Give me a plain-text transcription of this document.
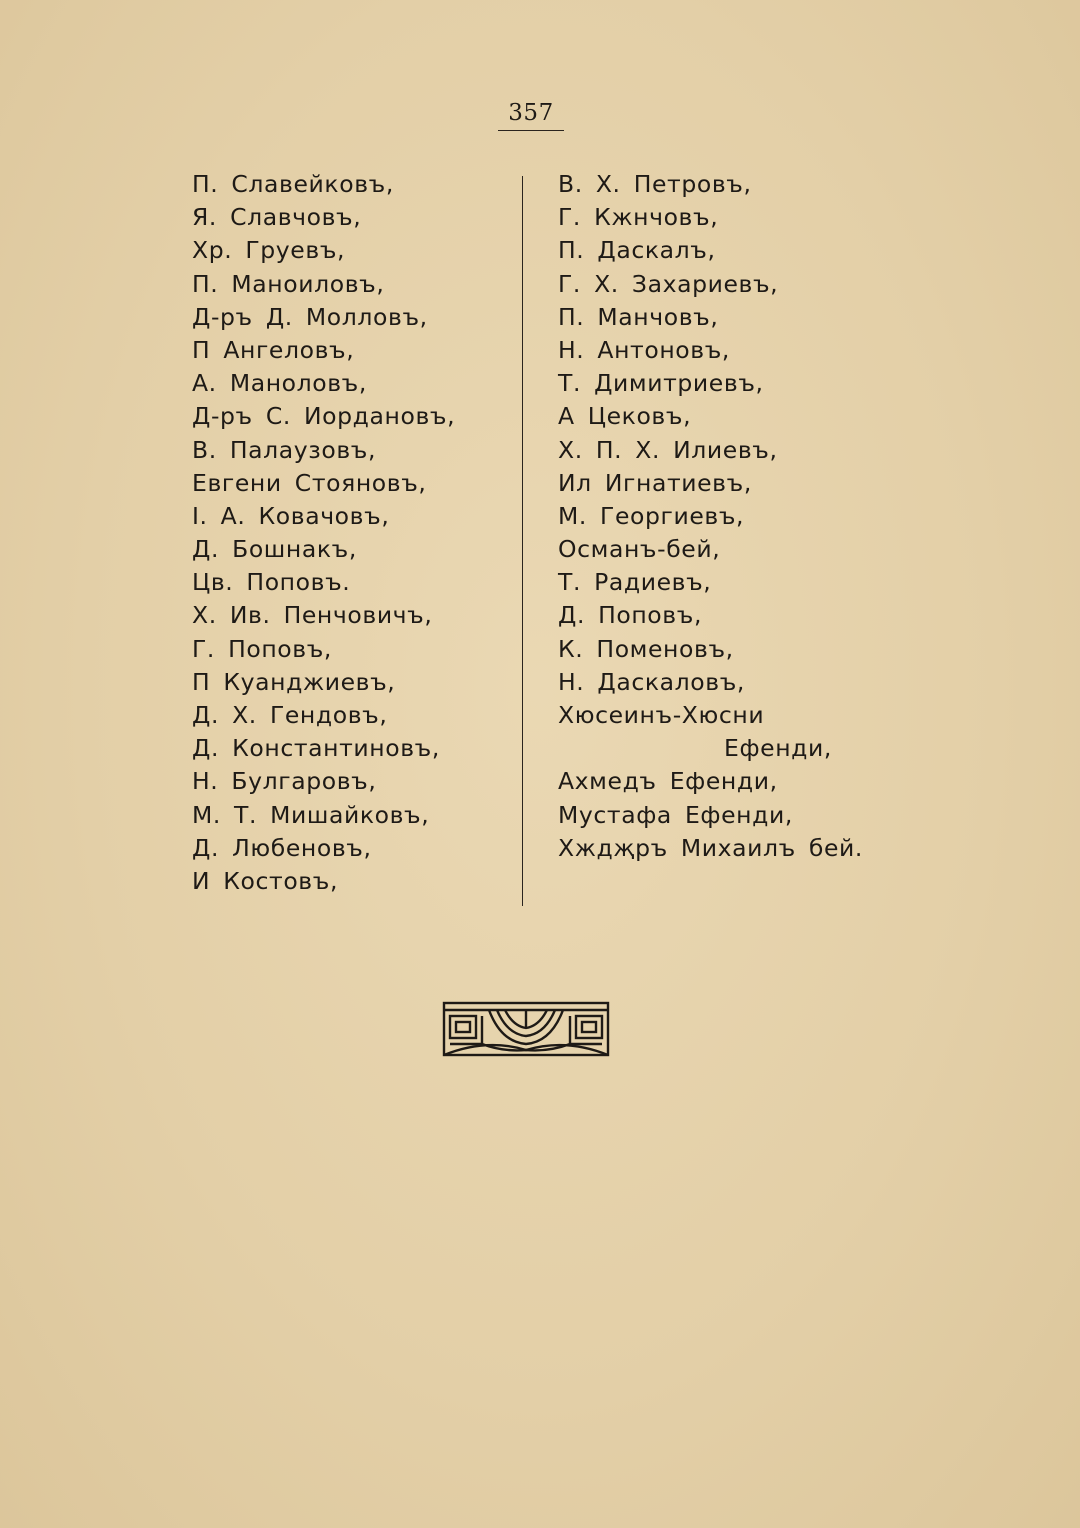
357
П. Славейковъ,
Я. Славчовъ,
Хр. Груевъ,
П. Маноиловъ,
Д-ръ Д. Молловъ,
П Ангеловъ,
А. Маноловъ,
Д-ръ С. Иордановъ,
В. Палаузовъ,
Евгени Стояновъ,
I. А. Ковачовъ,
Д. Бошнакъ,
Цв. Поповъ.
Х. Ив. Пенчовичъ,
Г. Поповъ,
П Куанджиевъ,
Д. Х. Гендовъ,
Д. Константиновъ,
Н. Булгаровъ,
М. Т. Мишайковъ,
Д. Любеновъ,
И Костовъ,
В. Х. Петровъ,
Г. Кжнчовъ,
П. Даскалъ,
Г. Х. Захариевъ,
П. Манчовъ,
Н. Антоновъ,
Т. Димитриевъ,
А Цековъ,
Х. П. Х. Илиевъ,
Ил Игнатиевъ,
М. Георгиевъ,
Османъ-бей,
Т. Радиевъ,
Д. Поповъ,
К. Поменовъ,
Н. Даскаловъ,
Хюсеинъ-Хюсни
Ефенди,
Ахмедъ Ефенди,
Мустафа Ефенди,
Хждҗръ Михаилъ бей.
